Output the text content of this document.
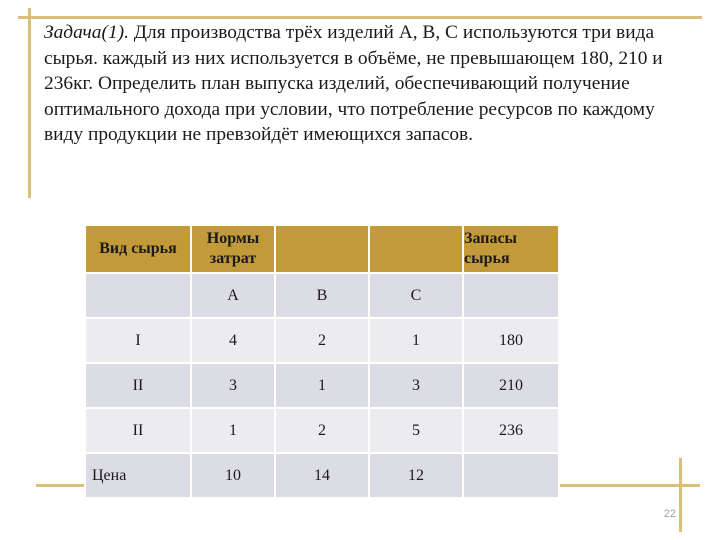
Задача(1). Для производства трёх изделий А, В, С используются три вида сырья. каждый из них используется в объёме, не превышающем 180, 210 и 236кг. Определить план выпуска изделий, обеспечивающий получение оптимального дохода при условии, что потребление ресурсов по каждому виду продукции не превзойдёт имеющихся запасов.

Вид сырья	Нормы затрат			Запасы сырья
	А	В	С	
I	4	2	1	180
II	3	1	3	210
II	1	2	5	236
Цена	10	14	12	
22
